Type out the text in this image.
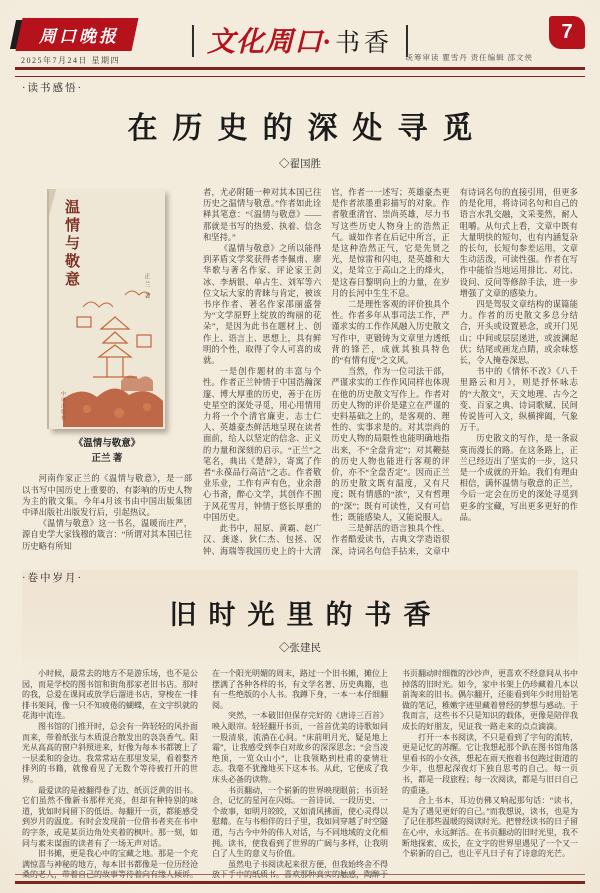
周口晚报
2025年7月24日 星期四
文化周口· 书香
统筹审读 瞿雪丹 责任编辑 邵文侠
7
·读书感悟·
在历史的深处寻觅
◇翟国胜
温情与敬意	正兰 著
中译出版社
《温情与敬意》
正兰 著

河南作家正兰的《温情与敬意》，是一部以书写中国历史上重要的、有影响的历史人物为主的散文集。今年4月该书由中国出版集团中译出版社出版发行后，引起热议。

《温情与敬意》这一书名，温暖而庄严，源自史学大家钱穆的箴言：“所谓对其本国已往历史略有所知

者，尤必附随一种对其本国已往历史之温情与敬意。”作者如此诠释其笔意：“《温情与敬意》——那就是书写的热爱、执着、信念和坚持。”

《温情与敬意》之所以能得到茅盾文学奖获得者李佩甫、廖华歌与著名作家、评论家王剑冰、李炳银、单占生、刘军等六位文坛大家的青睐与肯定，被该书序作者、著名作家邵丽盛誉为“文学原野上绽放的绚丽的花朵”，是因为此书在题材上、创作上、语言上、思想上，具有鲜明的个性，取得了令人可喜的成就。

一是创作题材的丰富与个性。作者正兰钟情于中国浩瀚深邃、博大厚重的历史，善于在历史星空的深处寻觅，用心用情用力将一个个清官廉吏、志士仁人、英雄豪杰鲜活地呈现在读者面前，给人以坚定的信念、正义的力量和深刻的启示。“正兰”之笔名，典出《楚辞》，寄寓了作者“永葆品行高洁”之志。作者敬业乐业，工作有声有色，业余潜心书斋，醉心文学，其创作不囿于风花雪月，钟情于悠长厚重的中国历史。

此书中，屈原、黄霸、赵广汉、龚遂、狄仁杰、包拯、况钟、海瑞等我国历史上的十大清官，作者一一述写；英雄豪杰更是作者浓墨重彩描写的对象。作者敬重清官、崇尚英雄，尽力书写这些历史人物身上的浩然正气。诚如作者在后记中所言，正是这种浩然正气，它是先贤之光，是惊雷和闪电，是英雄和大义，是耸立于高山之上的烽火，是这春日黎明向上的力量，在岁月的长河中生生不息。

二是理性客观的评价独具个性。作者多年从事司法工作，严谨求实的工作作风融入历史散文写作中，更锻铸为文章里力透纸背的锋芒，成就其独具特色的“有情有度”之文风。

当然，作为一位司法干部，严谨求实的工作作风同样也体现在他的历史散文写作上。作者对历史人物的评价是建立在严谨的史料基础之上的，是客观的、理性的、实事求是的。对其崇尚的历史人物的局限性也能明确地指出来，不“全盘肯定”；对其鞭挞的历史人物也能进行客观的评价，亦不“全盘否定”。因而正兰的历史散文既有温度，又有尺度；既有情感的“浓”，又有哲理的“深”；既有可读性，又有可信性；既能感染人，又能说服人。

三是鲜活的语言独具个性。作者酷爱读书，古典文学造诣很深，诗词名句信手拈来，文章中有诗词名句的直接引用，但更多的是化用，将诗词名句和自己的语言水乳交融，文采斐然，耐人咀嚼。从句式上看，文章中既有大量明快的短句，也有内涵复杂的长句，长短句参差运用，文章生动活泼，可读性强。作者在写作中能恰当地运用排比、对比、设问、反问等修辞手法，进一步增强了文章的感染力。

四是驾驭文章结构的谋篇能力。作者的历史散文多总分结合，开头或设置悬念，或开门见山；中间或层层递进，或波澜起伏；结尾或画龙点睛，或余味悠长，令人掩卷深思。

书中的《情怀不改》《八千里路云和月》，则是抒怀咏志的“大散文”，天文地理、古今之变、百家之典、诗词歌赋、民间传说皆可入文，纵横捭阖，气象万千。

历史散文的写作，是一条寂寞而漫长的路。在这条路上，正兰已经迈出了坚实的一步，这只是一个成就的开始。我们有理由相信，满怀温情与敬意的正兰，今后一定会在历史的深处寻觅到更多的宝藏，写出更多更好的作品。

·卷中岁月·
旧时光里的书香
◇张建民

小时候，最常去的地方不是游乐场，也不是公园，而是学校的图书馆和街角那家老旧书店。那时的我，总爱在课间或放学后溜进书店，穿梭在一排排书架间，像一只不知疲倦的蝴蝶，在文字织就的花海中流连。

图书馆的门推开时，总会有一阵轻轻的风扑面而来，带着纸张与木质混合散发出的袅袅香气。阳光从高高的窗户斜照进来，好像为每本书都镀上了一层柔和的金边。我常常站在那里发呆，看着整齐排列的书籍，就像看见了无数个等待被打开的世界。

最爱读的是被翻得卷了边、纸页泛黄的旧书。它们虽然不像新书那样光亮，但却有种特别的味道，犹如时间留下的低语。每翻开一页，都能感受到岁月的温度。有时会发现前一位借书者夹在书中的字条，或是某页边角处夹着的枫叶。那一刻，如同与素未谋面的读者有了一场无声对话。

旧书摊，更是我心中的宝藏之地。那是一个充满惊喜与神秘的地方，每本旧书都像是一位历经沧桑的老人，带着自己的故事等待着向有缘人倾诉。在一个阳光明媚的周末，路过一个旧书摊，摊位上摆满了各种各样的书，有文学名著、历史典籍，也有一些绝版的小人书。我蹲下身，一本一本仔细翻阅。

突然，一本破旧但保存完好的《唐诗三百首》映入眼帘。轻轻翻开书页，一首首优美的诗歌如同一股清泉，流淌在心间。“床前明月光，疑是地上霜”，让我感受到李白对故乡的深深思念；“会当凌绝顶，一览众山小”，让我领略到杜甫的豪情壮志。我毫不犹豫地买下这本书。从此，它便成了我床头必备的读物。

书页翻动，一个崭新的世界映现眼前；书页轻合，记忆的星河在闪烁。一首诗词、一段历史、一个故事，如明月皎皎，又如清风拂面，使心灵得以慰藉。在与书相伴的日子里，我如同穿越了时空隧道，与古今中外的伟人对话，与不同地域的文化相拥。读书，使我看到了世界的广阔与多样，让我明白了人生的意义与价值。

虽然电子书阅读起来很方便，但我始终舍不得放下手中的纸质书。喜欢那种真实的触感，陶醉于书页翻动时细微的沙沙声，更喜欢不经意间从书中掉落的旧时光。如今，家中书架上仍珍藏着几本以前淘来的旧书。偶尔翻开，还能看到年少时用铅笔做的笔记，稚嫩字迹里藏着曾经的梦想与感动。于我而言，这些书不只是知识的载体，更像是陪伴我成长的好朋友，见证我一路走来的点点滴滴。

打开一本书阅读，不只是看到了字句的流转，更是记忆的苏醒。它让我想起那个趴在图书馆角落里看书的小女孩，想起在雨天抱着书包跑过街道的少年，也想起深夜灯下独自思考的自己。每一页书，都是一段旅程；每一次阅读，都是与旧日自己的重逢。

合上书本，耳边仿佛又响起那句话：“读书，是为了遇见更好的自己。”而我想说，读书，也是为了记住那些温暖的阅读时光。把曾经读书的日子留在心中，永远鲜活。在书页翻动的旧时光里，我不断地探索、成长，在文字的世界里遇见了一个又一个崭新的自己，也让平凡日子有了诗意的光芒。
